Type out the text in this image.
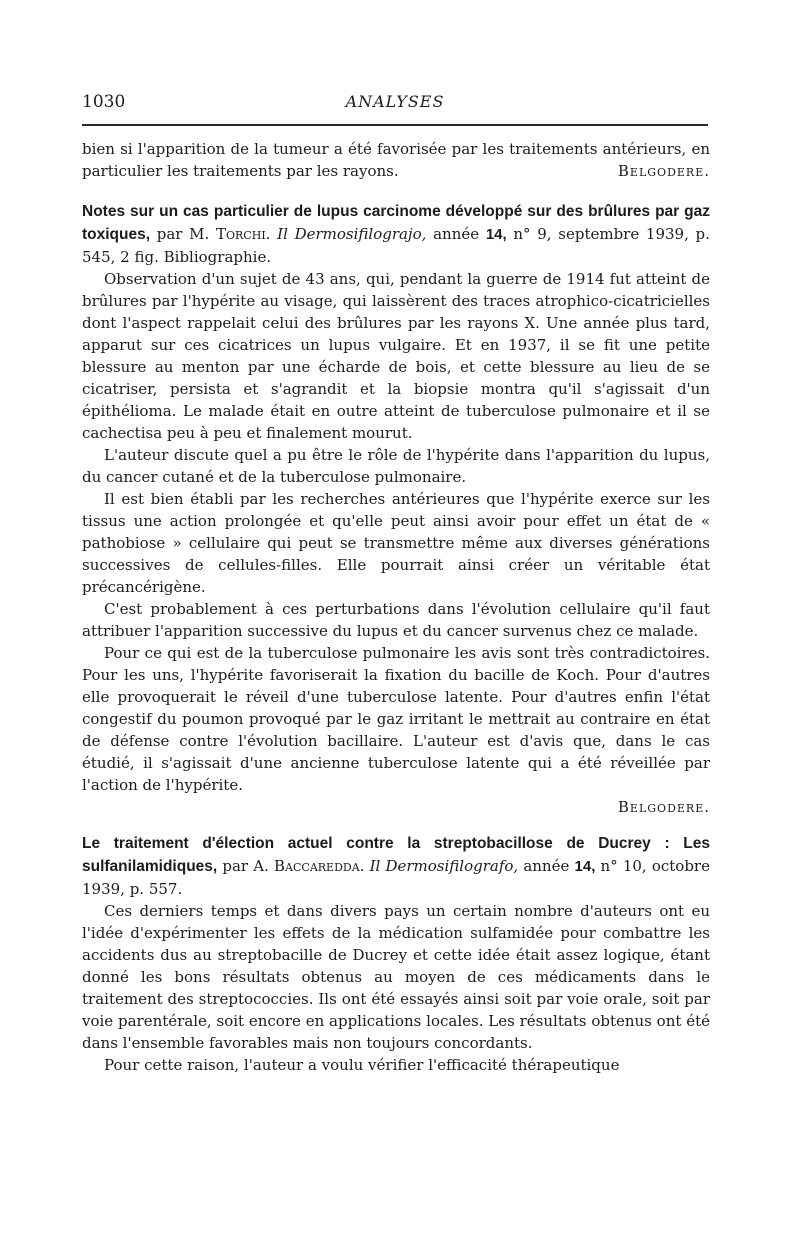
1030	ANALYSES

bien si l'apparition de la tumeur a été favorisée par les traitements antérieurs, en particulier les traitements par les rayons.	Belgodere.

Notes sur un cas particulier de lupus carcinome développé sur des brûlures par gaz toxiques, par M. Torchi. Il Dermosifilograjo, année 14, n° 9, septembre 1939, p. 545, 2 fig. Bibliographie.

Observation d'un sujet de 43 ans, qui, pendant la guerre de 1914 fut atteint de brûlures par l'hypérite au visage, qui laissèrent des traces atrophico-cicatricielles dont l'aspect rappelait celui des brûlures par les rayons X. Une année plus tard, apparut sur ces cicatrices un lupus vulgaire. Et en 1937, il se fit une petite blessure au menton par une écharde de bois, et cette blessure au lieu de se cicatriser, persista et s'agrandit et la biopsie montra qu'il s'agissait d'un épithélioma. Le malade était en outre atteint de tuberculose pulmonaire et il se cachectisa peu à peu et finalement mourut.

L'auteur discute quel a pu être le rôle de l'hypérite dans l'apparition du lupus, du cancer cutané et de la tuberculose pulmonaire.

Il est bien établi par les recherches antérieures que l'hypérite exerce sur les tissus une action prolongée et qu'elle peut ainsi avoir pour effet un état de « pathobiose » cellulaire qui peut se transmettre même aux diverses générations successives de cellules-filles. Elle pourrait ainsi créer un véritable état précancérigène.

C'est probablement à ces perturbations dans l'évolution cellulaire qu'il faut attribuer l'apparition successive du lupus et du cancer survenus chez ce malade.

Pour ce qui est de la tuberculose pulmonaire les avis sont très contradictoires. Pour les uns, l'hypérite favoriserait la fixation du bacille de Koch. Pour d'autres elle provoquerait le réveil d'une tuberculose latente. Pour d'autres enfin l'état congestif du poumon provoqué par le gaz irritant le mettrait au contraire en état de défense contre l'évolution bacillaire. L'auteur est d'avis que, dans le cas étudié, il s'agissait d'une ancienne tuberculose latente qui a été réveillée par l'action de l'hypérite.

Belgodere.

Le traitement d'élection actuel contre la streptobacillose de Ducrey : Les sulfanilamidiques, par A. Baccaredda. Il Dermosifilografo, année 14, n° 10, octobre 1939, p. 557.

Ces derniers temps et dans divers pays un certain nombre d'auteurs ont eu l'idée d'expérimenter les effets de la médication sulfamidée pour combattre les accidents dus au streptobacille de Ducrey et cette idée était assez logique, étant donné les bons résultats obtenus au moyen de ces médicaments dans le traitement des streptococcies. Ils ont été essayés ainsi soit par voie orale, soit par voie parentérale, soit encore en applications locales. Les résultats obtenus ont été dans l'ensemble favorables mais non toujours concordants.

Pour cette raison, l'auteur a voulu vérifier l'efficacité thérapeutique
